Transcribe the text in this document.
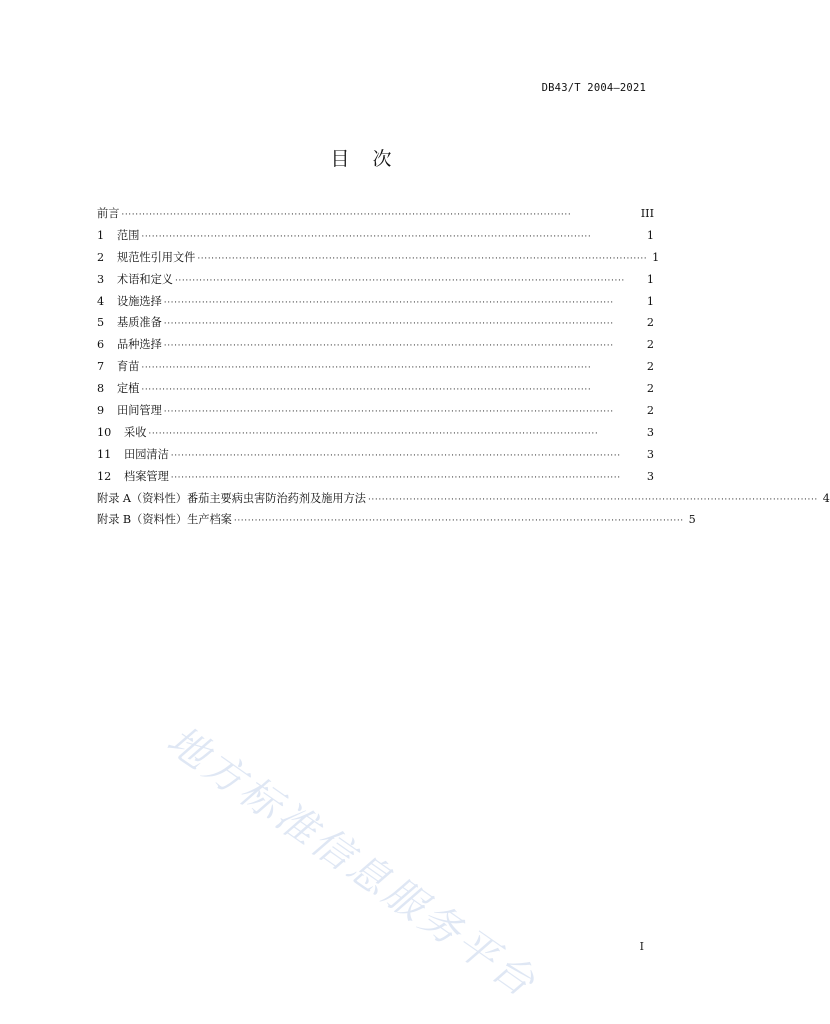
DB43/T 2004—2021
目　次
前言 ··································································································································	III
1	范围 ··································································································································	1
2	规范性引用文件 ·································································································································· 1
3	术语和定义 ··································································································································	1
4	设施选择 ··································································································································	1
5	基质准备 ··································································································································	2
6	品种选择 ··································································································································	2
7	育苗 ··································································································································	2
8	定植 ··································································································································	2
9	田间管理 ··································································································································	2
10	采收 ··································································································································	3
11	田园清洁 ··································································································································	3
12	档案管理 ··································································································································	3
附录 A（资料性） 番茄主要病虫害防治药剂及施用方法 ·································································································································· 4
附录 B（资料性） 生产档案 ·································································································································· 5
地方标准信息服务平台	I
